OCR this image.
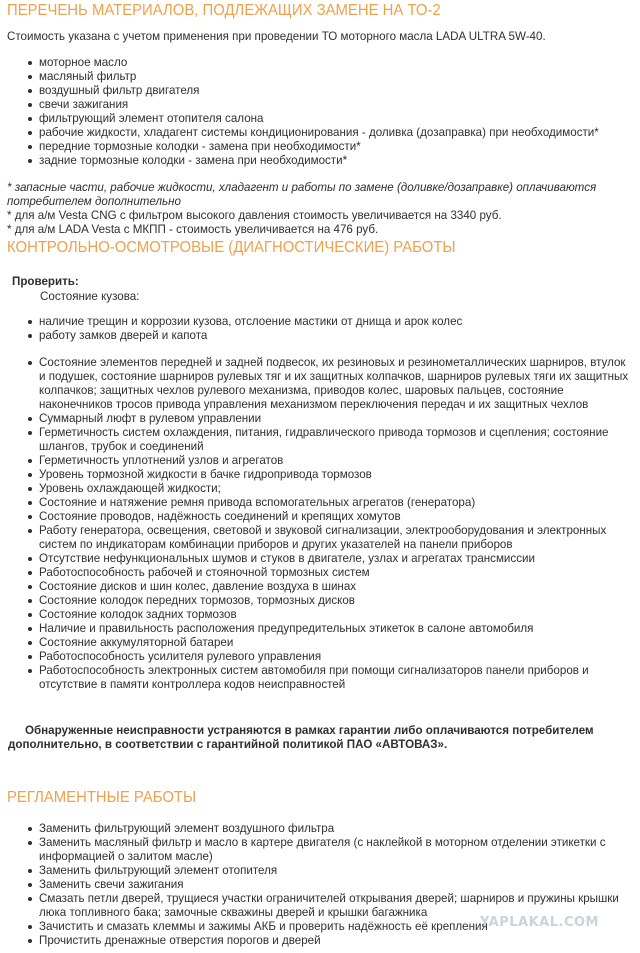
ПЕРЕЧЕНЬ МАТЕРИАЛОВ, ПОДЛЕЖАЩИХ ЗАМЕНЕ НА ТО-2

Стоимость указана с учетом применения при проведении ТО моторного масла LADA ULTRA 5W-40.

моторное масло
масляный фильтр
воздушный фильтр двигателя
свечи зажигания
фильтрующий элемент отопителя салона
рабочие жидкости, хладагент системы кондиционирования - доливка (дозаправка) при необходимости*
передние тормозные колодки - замена при необходимости*
задние тормозные колодки - замена при необходимости*

* запасные части, рабочие жидкости, хладагент и работы по замене (доливке/дозаправке) оплачиваются потребителем дополнительно

* для а/м Vesta CNG с фильтром высокого давления стоимость увеличивается на 3340 руб.

* для а/м LADA Vesta с МКПП - стоимость увеличивается на 476 руб.

КОНТРОЛЬНО-ОСМОТРОВЫЕ (ДИАГНОСТИЧЕСКИЕ) РАБОТЫ

Проверить:

Состояние кузова:

наличие трещин и коррозии кузова, отслоение мастики от днища и арок колес
работу замков дверей и капота
Состояние элементов передней и задней подвесок, их резиновых и резинометаллических шарниров, втулок и подушек, состояние шарниров рулевых тяг и их защитных колпачков, шарниров рулевых тяги их защитных колпачков; защитных чехлов рулевого механизма, приводов колес, шаровых пальцев, состояние наконечников тросов привода управления механизмом переключения передач и их защитных чехлов
Суммарный люфт в рулевом управлении
Герметичность систем охлаждения, питания, гидравлического привода тормозов и сцепления; состояние шлангов, трубок и соединений
Герметичность уплотнений узлов и агрегатов
Уровень тормозной жидкости в бачке гидропривода тормозов
Уровень охлаждающей жидкости;
Состояние и натяжение ремня привода вспомогательных агрегатов (генератора)
Состояние проводов, надёжность соединений и крепящих хомутов
Работу генератора, освещения, световой и звуковой сигнализации, электрооборудования и электронных систем по индикаторам комбинации приборов и других указателей на панели приборов
Отсутствие нефункциональных шумов и стуков в двигателе, узлах и агрегатах трансмиссии
Работоспособность рабочей и стояночной тормозных систем
Состояние дисков и шин колес, давление воздуха в шинах
Состояние колодок передних тормозов, тормозных дисков
Состояние колодок задних тормозов
Наличие и правильность расположения предупредительных этикеток в салоне автомобиля
Состояние аккумуляторной батареи
Работоспособность усилителя рулевого управления
Работоспособность электронных систем автомобиля при помощи сигнализаторов панели приборов и отсутствие в памяти контроллера кодов неисправностей

Обнаруженные неисправности устраняются в рамках гарантии либо оплачиваются потребителем дополнительно, в соответствии с гарантийной политикой ПАО «АВТОВАЗ».

РЕГЛАМЕНТНЫЕ РАБОТЫ
Заменить фильтрующий элемент воздушного фильтра
Заменить масляный фильтр и масло в картере двигателя (с наклейкой в моторном отделении этикетки с информацией о залитом масле)
Заменить фильтрующий элемент отопителя
Заменить свечи зажигания
Смазать петли дверей, трущиеся участки ограничителей открывания дверей; шарниров и пружины крышки люка топливного бака; замочные скважины дверей и крышки багажника
Зачистить и смазать клеммы и зажимы АКБ и проверить надёжность её крепления
Прочистить дренажные отверстия порогов и дверей
YAPLAKAL.COM
